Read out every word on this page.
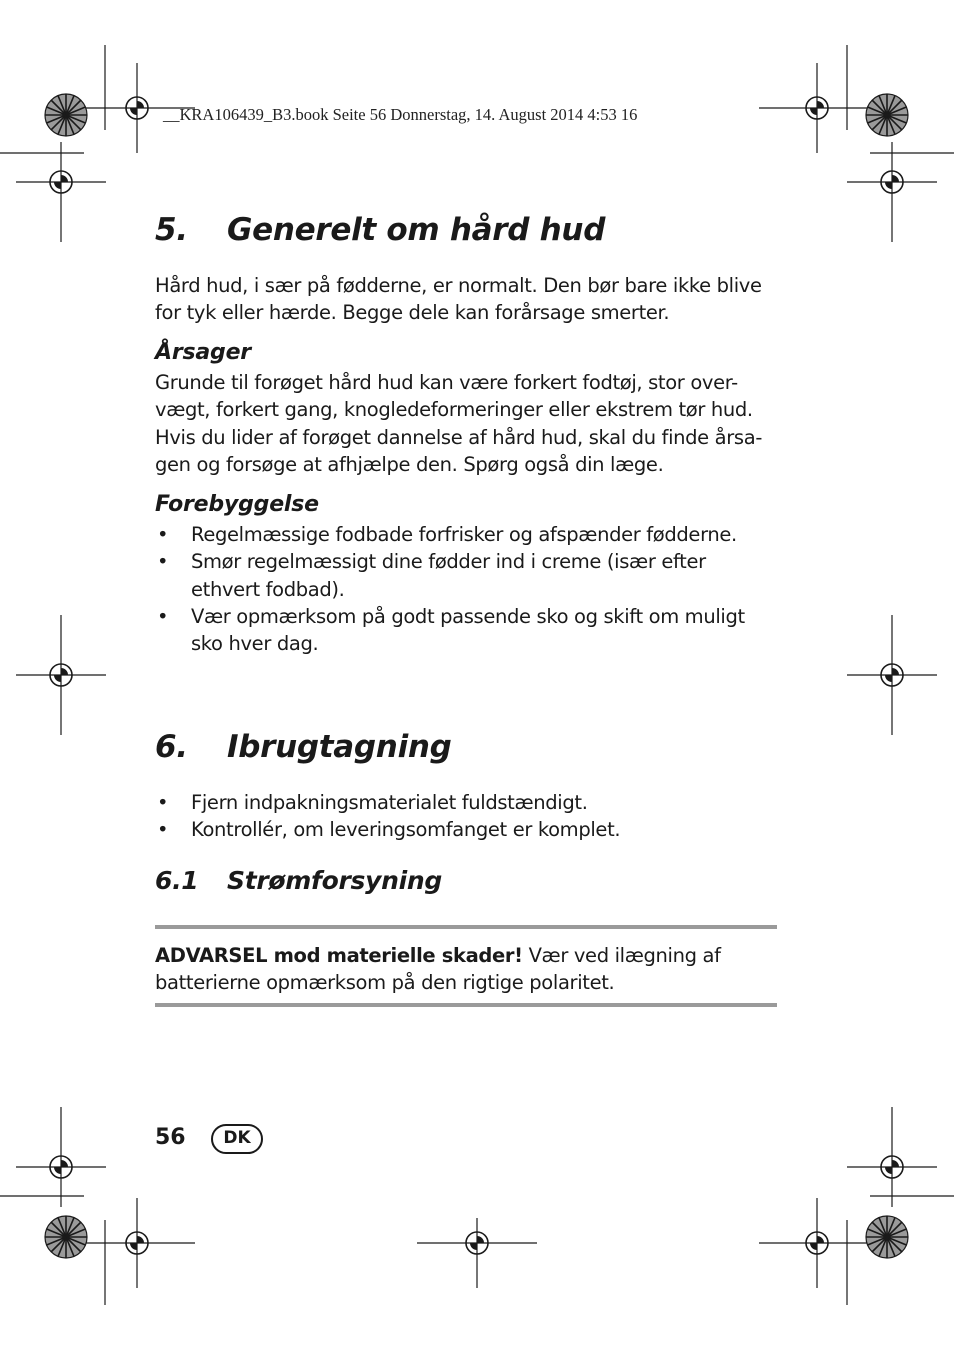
__KRA106439_B3.book Seite 56 Donnerstag, 14. August 2014 4:53 16
5. Generelt om hård hud
Hård hud, i sær på fødderne, er normalt. Den bør bare ikke blive
for tyk eller hærde. Begge dele kan forårsage smerter.
Årsager
Grunde til forøget hård hud kan være forkert fodtøj, stor over-
vægt, forkert gang, knogledeformeringer eller ekstrem tør hud.
Hvis du lider af forøget dannelse af hård hud, skal du finde årsa-
gen og forsøge at afhjælpe den. Spørg også din læge.
Forebyggelse
• Regelmæssige fodbade forfrisker og afspænder fødderne.
• Smør regelmæssigt dine fødder ind i creme (især efter
ethvert fodbad).
• Vær opmærksom på godt passende sko og skift om muligt
sko hver dag.
6. Ibrugtagning
• Fjern indpakningsmaterialet fuldstændigt.
• Kontrollér, om leveringsomfanget er komplet.
6.1 Strømforsyning
ADVARSEL mod materielle skader! Vær ved ilægning af
batterierne opmærksom på den rigtige polaritet.
56	DK
